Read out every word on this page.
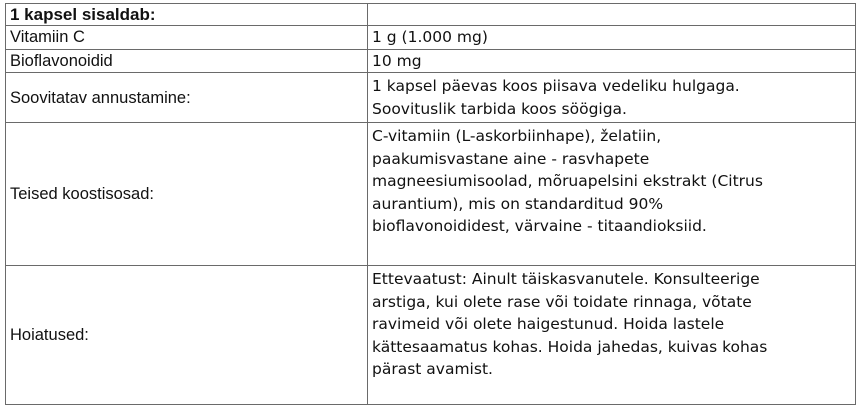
1 kapsel sisaldab:	
Vitamiin C	1 g (1.000 mg)

Bioflavonoidid	10 mg

Soovitatav annustamine:	1 kapsel päevas koos piisava vedeliku hulgaga.
Soovituslik tarbida koos söögiga.

Teised koostisosad:	C-vitamiin (L-askorbiinhape), želatiin,
paakumisvastane aine - rasvhapete
magneesiumisoolad, mõruapelsini ekstrakt (Citrus
aurantium), mis on standarditud 90%
bioflavonoididest, värvaine - titaandioksiid.

Hoiatused:	Ettevaatust: Ainult täiskasvanutele. Konsulteerige
arstiga, kui olete rase või toidate rinnaga, võtate
ravimeid või olete haigestunud. Hoida lastele
kättesaamatus kohas. Hoida jahedas, kuivas kohas
pärast avamist.
